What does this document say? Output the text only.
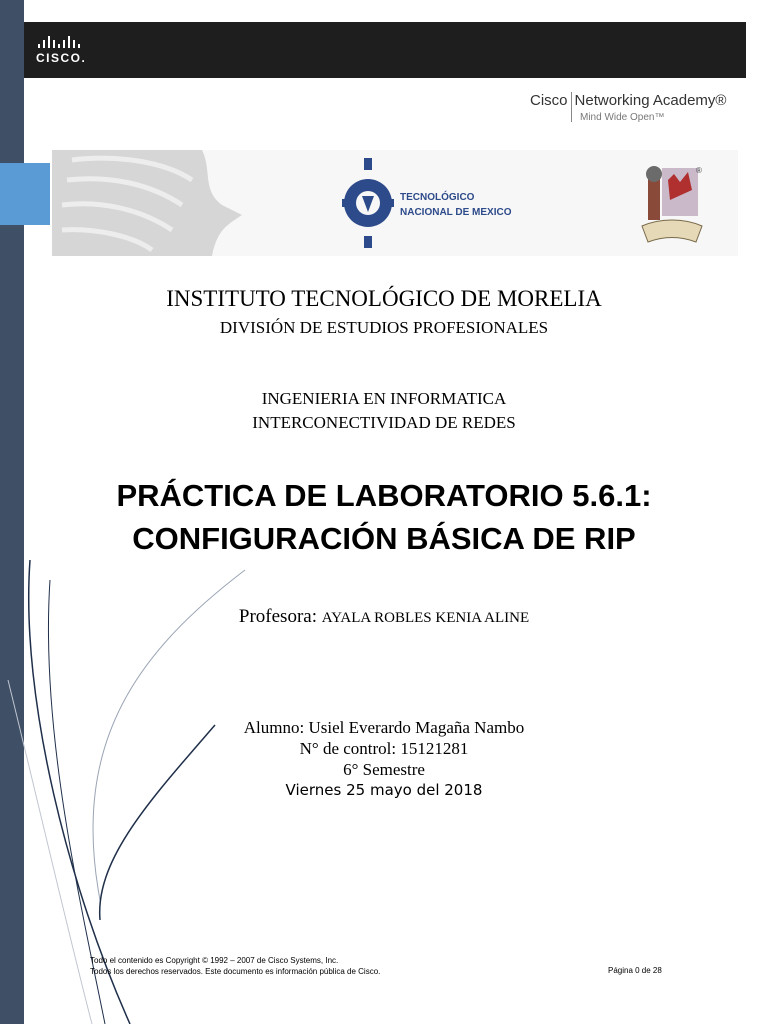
CISCO.
Cisco Networking Academy®
Mind Wide Open™
TECNOLÓGICO
NACIONAL DE MEXICO
®
INSTITUTO TECNOLÓGICO DE MORELIA
DIVISIÓN DE ESTUDIOS PROFESIONALES
INGENIERIA EN INFORMATICA
INTERCONECTIVIDAD DE REDES
PRÁCTICA DE LABORATORIO 5.6.1:
CONFIGURACIÓN BÁSICA DE RIP
Profesora: AYALA ROBLES KENIA ALINE
Alumno: Usiel Everardo Magaña Nambo
N° de control: 15121281
6° Semestre
Viernes 25 mayo del 2018
Todo el contenido es Copyright © 1992 – 2007 de Cisco Systems, Inc.
Todos los derechos reservados. Este documento es información pública de Cisco.	Página 0 de 28
